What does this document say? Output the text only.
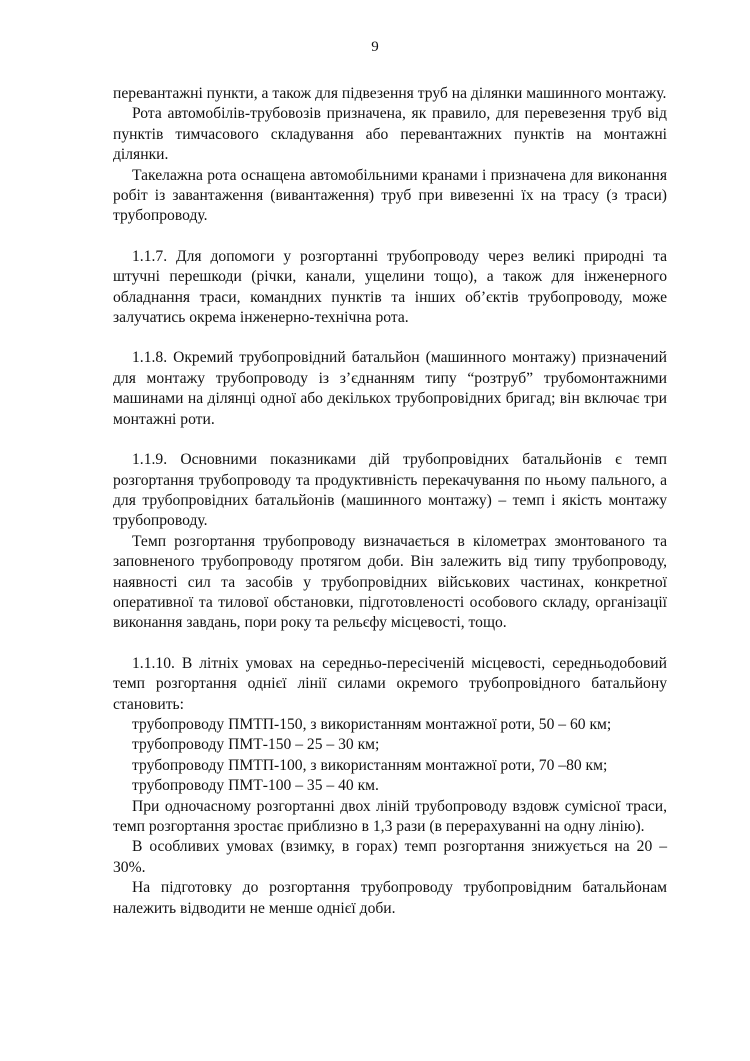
9

перевантажні пункти, а також для підвезення труб на ділянки машинного монтажу.

Рота автомобілів-трубовозів призначена, як правило, для перевезення труб від пунктів тимчасового складування або перевантажних пунктів на монтажні ділянки.

Такелажна рота оснащена автомобільними кранами і призначена для виконання робіт із завантаження (вивантаження) труб при вивезенні їх на трасу (з траси) трубопроводу.

1.1.7. Для допомоги у розгортанні трубопроводу через великі природні та штучні перешкоди (річки, канали, ущелини тощо), а також для інженерного обладнання траси, командних пунктів та інших об’єктів трубопроводу, може залучатись окрема інженерно-технічна рота.

1.1.8. Окремий трубопровідний батальйон (машинного монтажу) призначений для монтажу трубопроводу із з’єднанням типу “розтруб” трубомонтажними машинами на ділянці одної або декількох трубопровідних бригад; він включає три монтажні роти.

1.1.9. Основними показниками дій трубопровідних батальйонів є темп розгортання трубопроводу та продуктивність перекачування по ньому пального, а для трубопровідних батальйонів (машинного монтажу) – темп і якість монтажу трубопроводу.

Темп розгортання трубопроводу визначається в кілометрах змонтованого та заповненого трубопроводу протягом доби. Він залежить від типу трубопроводу, наявності сил та засобів у трубопровідних військових частинах, конкретної оперативної та тилової обстановки, підготовленості особового складу, організації виконання завдань, пори року та рельєфу місцевості, тощо.

1.1.10. В літніх умовах на середньо-пересіченій місцевості, середньодобовий темп розгортання однієї лінії силами окремого трубопровідного батальйону становить:

трубопроводу ПМТП-150, з використанням монтажної роти, 50 – 60 км;

трубопроводу ПМТ-150 – 25 – 30 км;

трубопроводу ПМТП-100, з використанням монтажної роти, 70 –80 км;

трубопроводу ПМТ-100 – 35 – 40 км.

При одночасному розгортанні двох ліній трубопроводу вздовж сумісної траси, темп розгортання зростає приблизно в 1,3 рази (в перерахуванні на одну лінію).

В особливих умовах (взимку, в горах) темп розгортання знижується на 20 – 30%.

На підготовку до розгортання трубопроводу трубопровідним батальйонам належить відводити не менше однієї доби.
